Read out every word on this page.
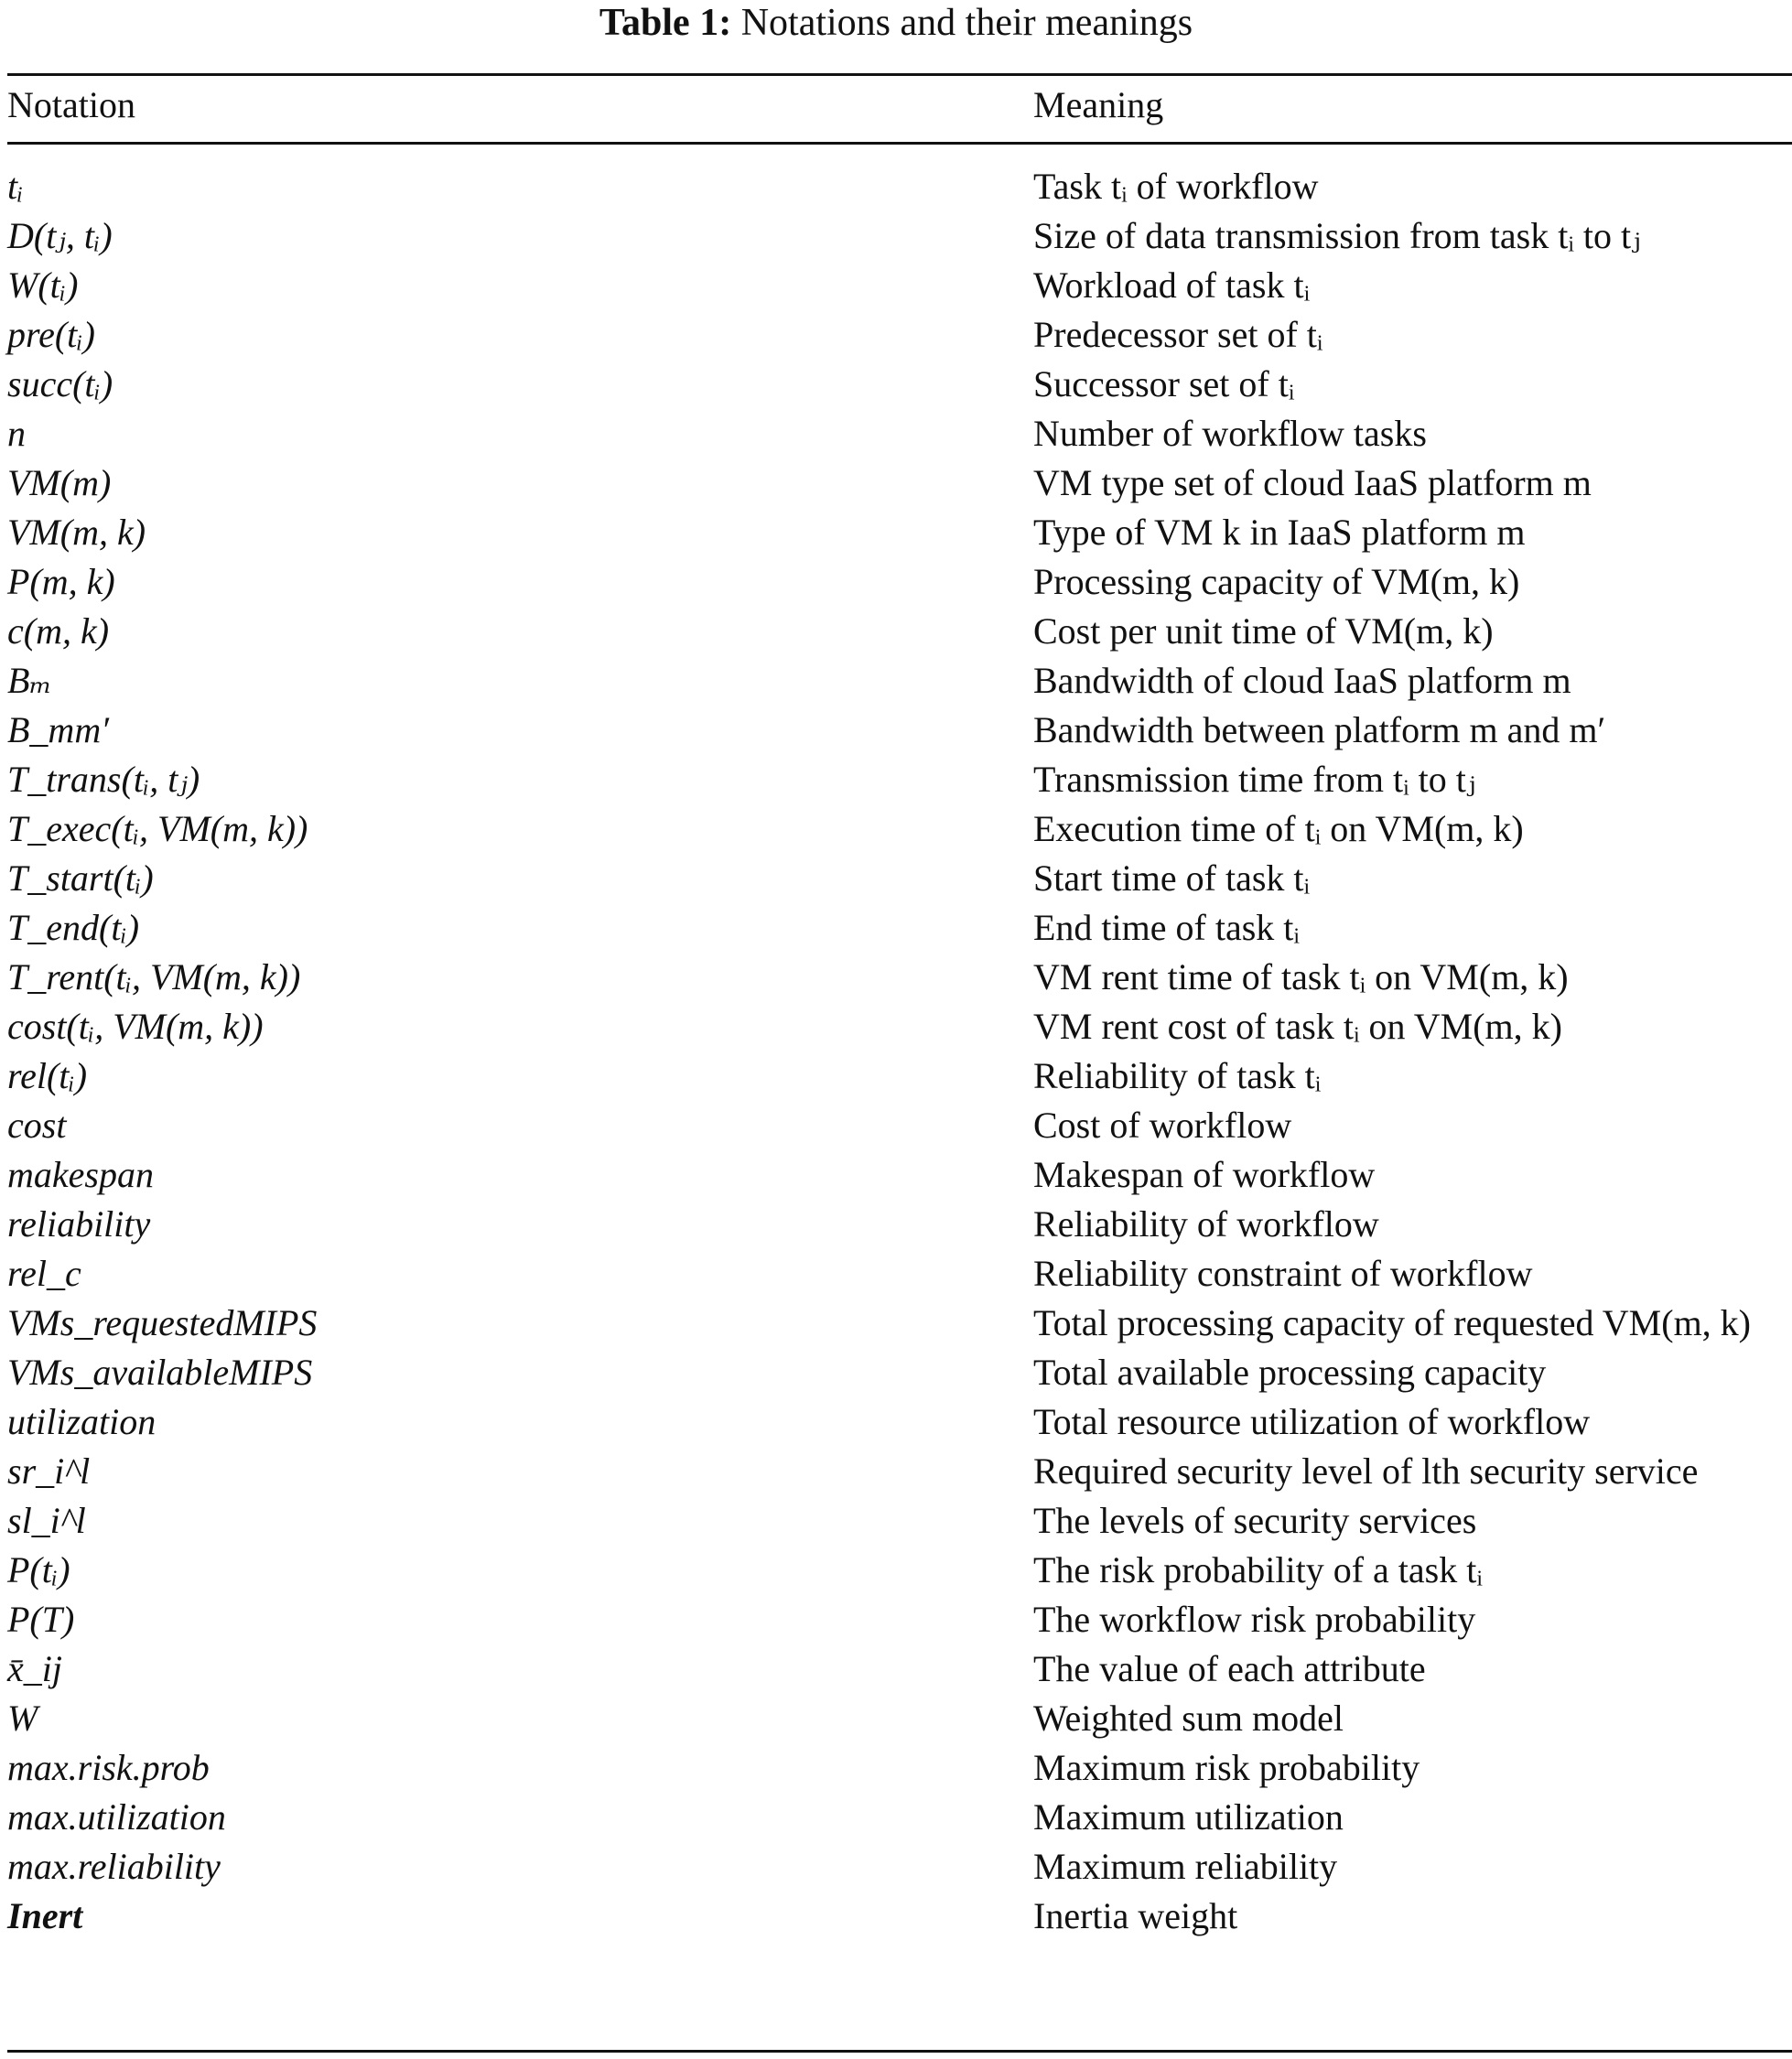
Table 1: Notations and their meanings
Notation	Meaning
tᵢ	Task tᵢ of workflow
D(tⱼ, tᵢ)	Size of data transmission from task tᵢ to tⱼ
W(tᵢ)	Workload of task tᵢ
pre(tᵢ)	Predecessor set of tᵢ
succ(tᵢ)	Successor set of tᵢ
n	Number of workflow tasks
VM(m)	VM type set of cloud IaaS platform m
VM(m, k)	Type of VM k in IaaS platform m
P(m, k)	Processing capacity of VM(m, k)
c(m, k)	Cost per unit time of VM(m, k)
Bₘ	Bandwidth of cloud IaaS platform m
B_mm′	Bandwidth between platform m and m′
T_trans(tᵢ, tⱼ)	Transmission time from tᵢ to tⱼ
T_exec(tᵢ, VM(m, k))	Execution time of tᵢ on VM(m, k)
T_start(tᵢ)	Start time of task tᵢ
T_end(tᵢ)	End time of task tᵢ
T_rent(tᵢ, VM(m, k))	VM rent time of task tᵢ on VM(m, k)
cost(tᵢ, VM(m, k))	VM rent cost of task tᵢ on VM(m, k)
rel(tᵢ)	Reliability of task tᵢ
cost	Cost of workflow
makespan	Makespan of workflow
reliability	Reliability of workflow
rel_c	Reliability constraint of workflow
VMs_requestedMIPS	Total processing capacity of requested VM(m, k)
VMs_availableMIPS	Total available processing capacity
utilization	Total resource utilization of workflow
sr_i^l	Required security level of lth security service
sl_i^l	The levels of security services
P(tᵢ)	The risk probability of a task tᵢ
P(T)	The workflow risk probability
x̄_ij	The value of each attribute
W	Weighted sum model
max.risk.prob	Maximum risk probability
max.utilization	Maximum utilization
max.reliability	Maximum reliability
Inert	Inertia weight
